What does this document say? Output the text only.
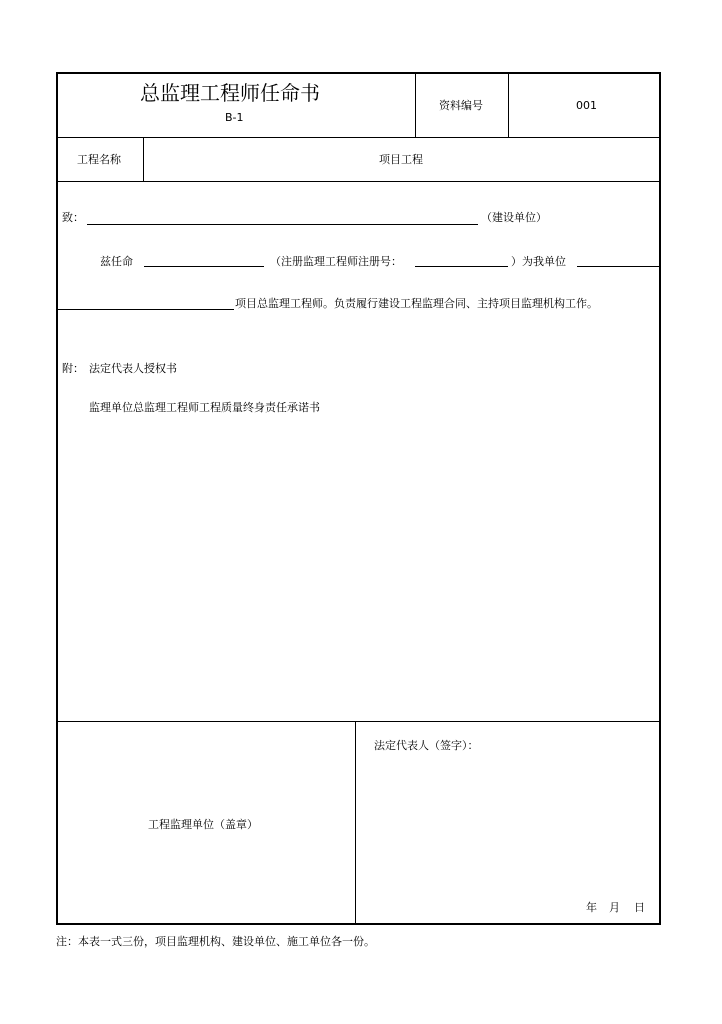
总监理工程师任命书
B-1
资料编号	001
工程名称	项目工程
致：	（建设单位）
兹任命	（注册监理工程师注册号：	）为我单位
项目总监理工程师。负责履行建设工程监理合同、主持项目监理机构工作。
附： 法定代表人授权书
监理单位总监理工程师工程质量终身责任承诺书
工程监理单位（盖章）
法定代表人（签字）：
年 月 日
注：本表一式三份，项目监理机构、建设单位、施工单位各一份。
